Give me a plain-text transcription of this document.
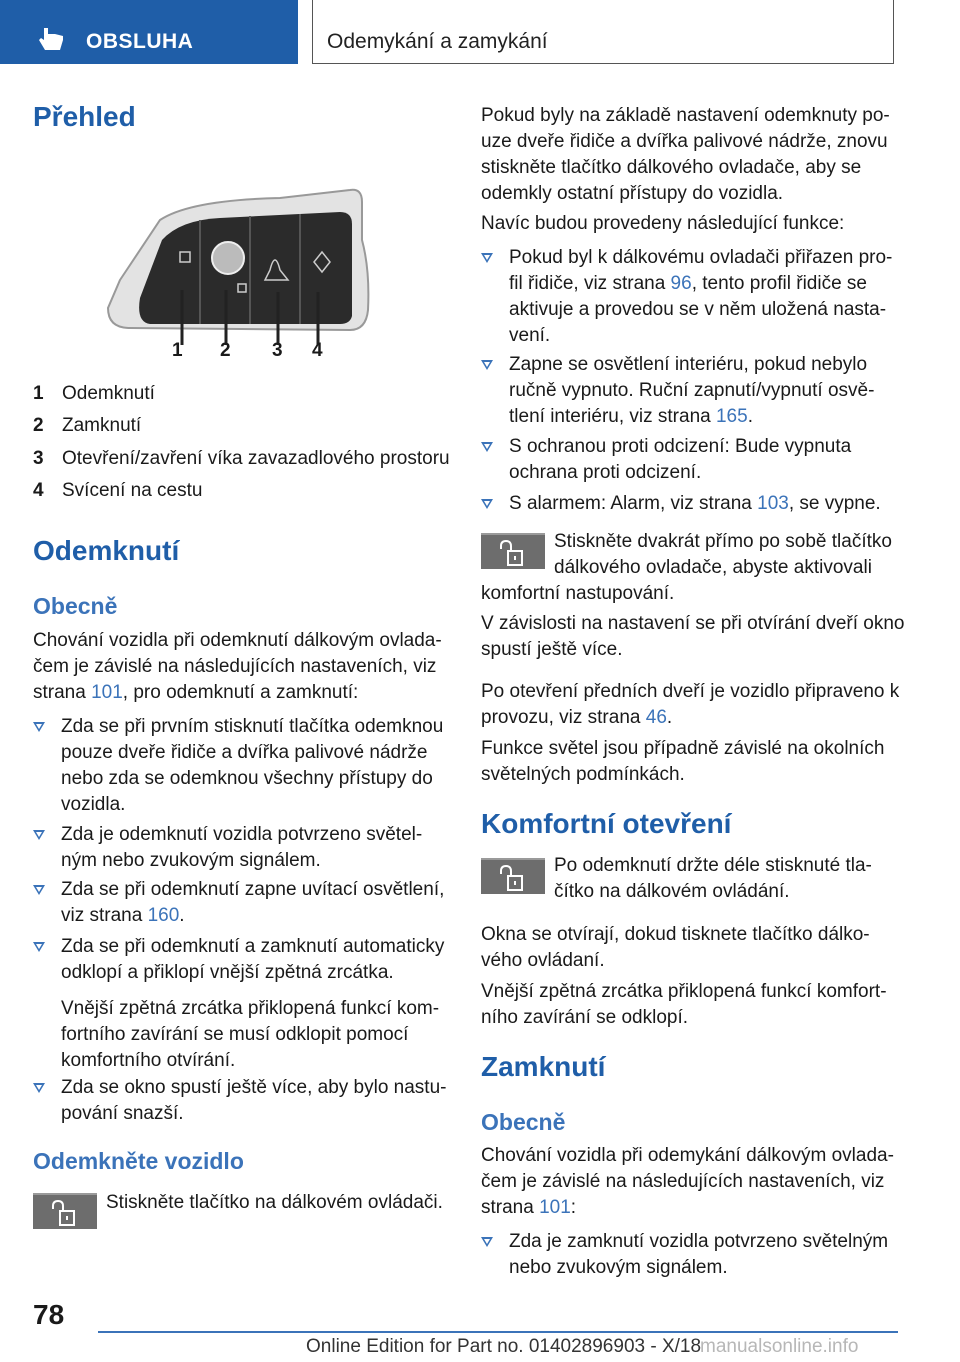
OBSLUHA	Odemykání a zamykání
Přehled
1 2 3 4
1 Odemknutí
2 Zamknutí
3 Otevření/zavření víka zavazadlového prostoru
4 Svícení na cestu
Odemknutí
Obecně
Chování vozidla při odemknutí dálkovým ovlada-
čem je závislé na následujících nastaveních, viz
strana 101, pro odemknutí a zamknutí:
Zda se při prvním stisknutí tlačítka odemknou
pouze dveře řidiče a dvířka palivové nádrže
nebo zda se odemknou všechny přístupy do
vozidla.
Zda je odemknutí vozidla potvrzeno světel-
ným nebo zvukovým signálem.
Zda se při odemknutí zapne uvítací osvětlení,
viz strana 160.
Zda se při odemknutí a zamknutí automaticky
odklopí a přiklopí vnější zpětná zrcátka.
Vnější zpětná zrcátka přiklopená funkcí kom-
fortního zavírání se musí odklopit pomocí
komfortního otvírání.
Zda se okno spustí ještě více, aby bylo nastu-
pování snazší.
Odemkněte vozidlo
Stiskněte tlačítko na dálkovém ovládači.
Pokud byly na základě nastavení odemknuty po-
uze dveře řidiče a dvířka palivové nádrže, znovu
stiskněte tlačítko dálkového ovladače, aby se
odemkly ostatní přístupy do vozidla.
Navíc budou provedeny následující funkce:
Pokud byl k dálkovému ovladači přiřazen pro-
fil řidiče, viz strana 96, tento profil řidiče se
aktivuje a provedou se v něm uložená nasta-
vení.
Zapne se osvětlení interiéru, pokud nebylo
ručně vypnuto. Ruční zapnutí/vypnutí osvě-
tlení interiéru, viz strana 165.
S ochranou proti odcizení: Bude vypnuta
ochrana proti odcizení.
S alarmem: Alarm, viz strana 103, se vypne.
Stiskněte dvakrát přímo po sobě tlačítko
dálkového ovladače, abyste aktivovali
komfortní nastupování.
V závislosti na nastavení se při otvírání dveří okno
spustí ještě více.
Po otevření předních dveří je vozidlo připraveno k
provozu, viz strana 46.
Funkce světel jsou případně závislé na okolních
světelných podmínkách.
Komfortní otevření
Po odemknutí držte déle stisknuté tla-
čítko na dálkovém ovládání.
Okna se otvírají, dokud tisknete tlačítko dálko-
vého ovládaní.
Vnější zpětná zrcátka přiklopená funkcí komfort-
ního zavírání se odklopí.
Zamknutí
Obecně
Chování vozidla při odemykání dálkovým ovlada-
čem je závislé na následujících nastaveních, viz
strana 101:
Zda je zamknutí vozidla potvrzeno světelným
nebo zvukovým signálem.
78
Online Edition for Part no. 01402896903 - X/18
manualsonline.info
